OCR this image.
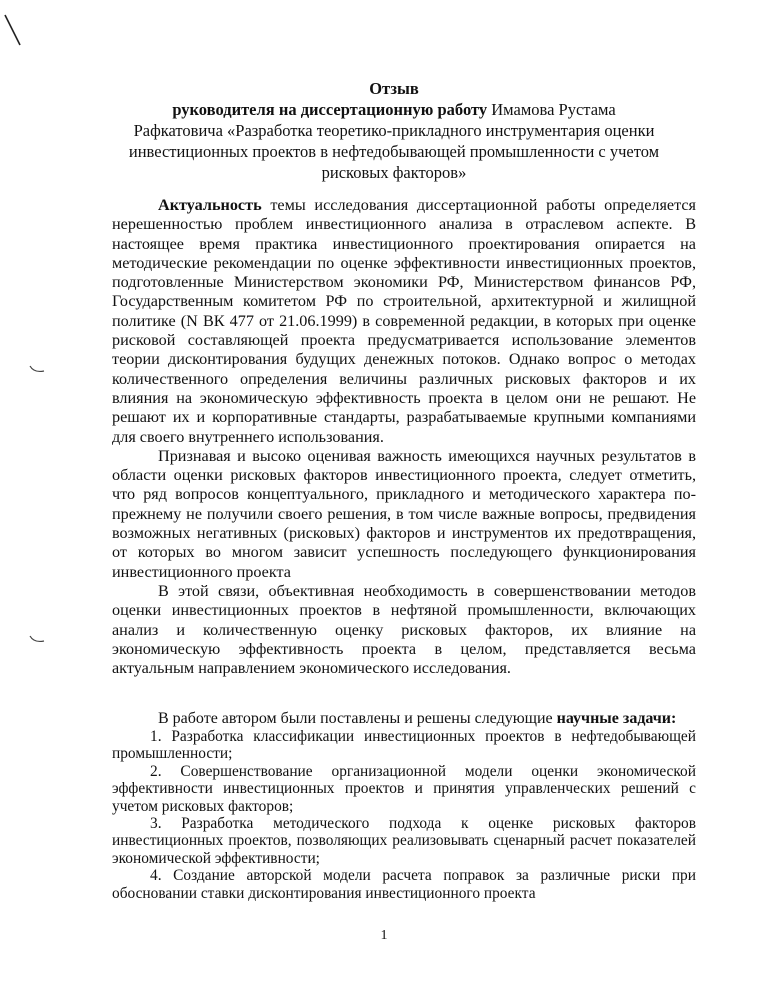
Отзыв
руководителя на диссертационную работу Имамова Рустама
Рафкатовича «Разработка теоретико-прикладного инструментария оценки
инвестиционных проектов в нефтедобывающей промышленности с учетом
рисковых факторов»

Актуальность темы исследования диссертационной работы определяется нерешенностью проблем инвестиционного анализа в отраслевом аспекте. В настоящее время практика инвестиционного проектирования опирается на методические рекомендации по оценке эффективности инвестиционных проектов, подготовленные Министерством экономики РФ, Министерством финансов РФ, Государственным комитетом РФ по строительной, архитектурной и жилищной политике (N ВК 477 от 21.06.1999) в современной редакции, в которых при оценке рисковой составляющей проекта предусматривается использование элементов теории дисконтирования будущих денежных потоков. Однако вопрос о методах количественного определения величины различных рисковых факторов и их влияния на экономическую эффективность проекта в целом они не решают. Не решают их и корпоративные стандарты, разрабатываемые крупными компаниями для своего внутреннего использования.

Признавая и высоко оценивая важность имеющихся научных результатов в области оценки рисковых факторов инвестиционного проекта, следует отметить, что ряд вопросов концептуального, прикладного и методического характера по-прежнему не получили своего решения, в том числе важные вопросы, предвидения возможных негативных (рисковых) факторов и инструментов их предотвращения, от которых во многом зависит успешность последующего функционирования инвестиционного проекта

В этой связи, объективная необходимость в совершенствовании методов оценки инвестиционных проектов в нефтяной промышленности, включающих анализ и количественную оценку рисковых факторов, их влияние на экономическую эффективность проекта в целом, представляется весьма актуальным направлением экономического исследования.

В работе автором были поставлены и решены следующие научные задачи:

1. Разработка классификации инвестиционных проектов в нефтедобывающей промышленности;

2. Совершенствование организационной модели оценки экономической эффективности инвестиционных проектов и принятия управленческих решений с учетом рисковых факторов;

3. Разработка методического подхода к оценке рисковых факторов инвестиционных проектов, позволяющих реализовывать сценарный расчет показателей экономической эффективности;

4. Создание авторской модели расчета поправок за различные риски при обосновании ставки дисконтирования инвестиционного проекта

1
